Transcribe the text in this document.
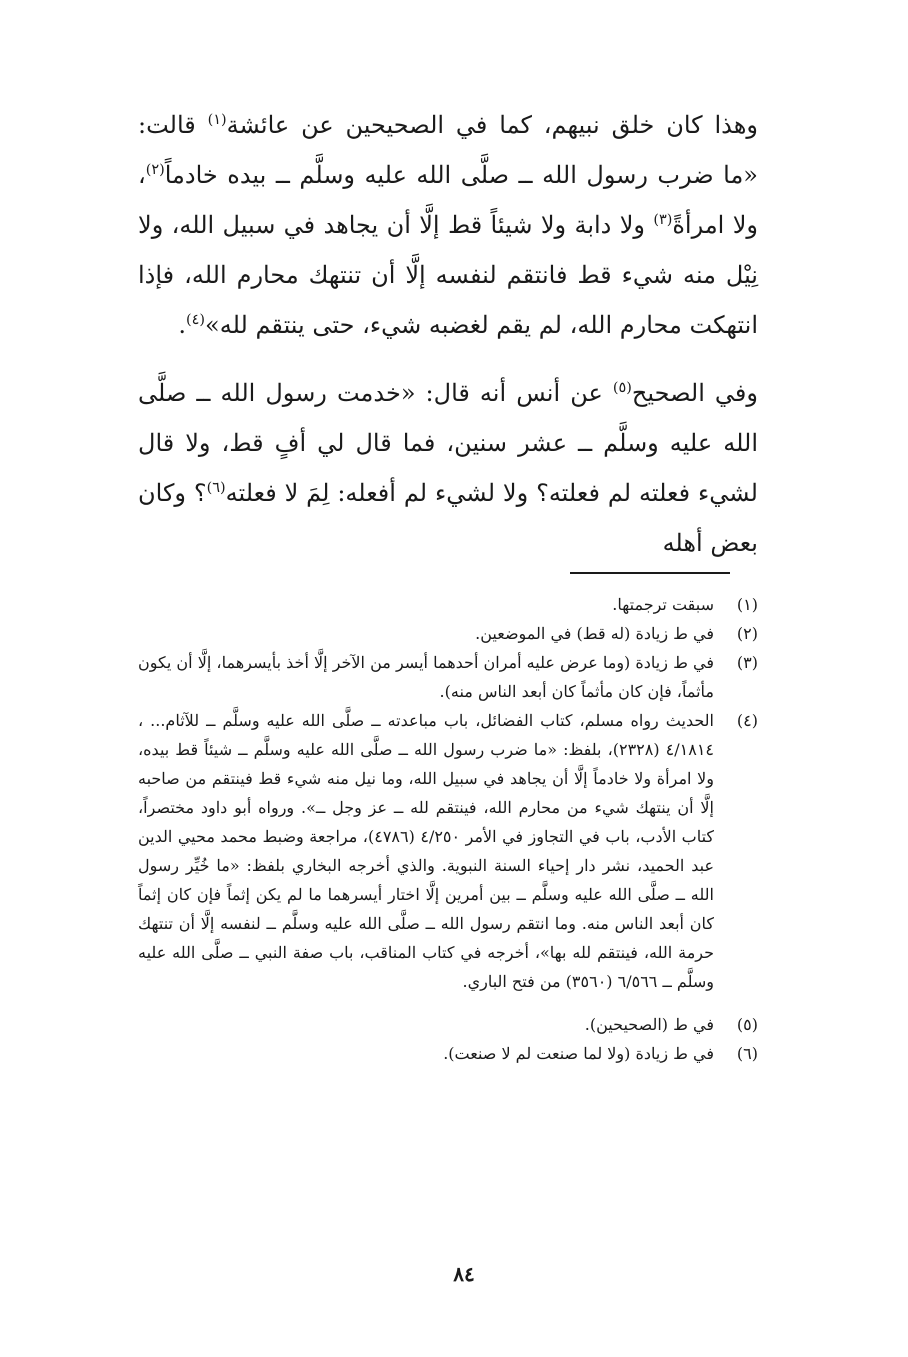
وهذا كان خلق نبيهم، كما في الصحيحين عن عائشة$^{(١)}$ قالت: «ما ضرب رسول الله ــ صلَّى الله عليه وسلَّم ــ بيده خادماً$^{(٢)}$، ولا امرأةً$^{(٣)}$ ولا دابة ولا شيئاً قط إلَّا أن يجاهد في سبيل الله، ولا نِيْل منه شيء قط فانتقم لنفسه إلَّا أن تنتهك محارم الله، فإذا انتهكت محارم الله، لم يقم لغضبه شيء، حتى ينتقم لله»$^{(٤)}$.
وفي الصحيح$^{(٥)}$ عن أنس أنه قال: «خدمت رسول الله ــ صلَّى الله عليه وسلَّم ــ عشر سنين، فما قال لي أفٍ قط، ولا قال لشيء فعلته لم فعلته؟ ولا لشيء لم أفعله: لِمَ لا فعلته$^{(٦)}$؟ وكان بعض أهله
(١)
سبقت ترجمتها.
(٢)
في ط زيادة (له قط) في الموضعين.
(٣)
في ط زيادة (وما عرض عليه أمران أحدهما أيسر من الآخر إلَّا أخذ بأيسرهما، إلَّا أن يكون مأثماً، فإن كان مأثماً كان أبعد الناس منه).
(٤)
الحديث رواه مسلم، كتاب الفضائل، باب مباعدته ــ صلَّى الله عليه وسلَّم ــ للآثام... ، ٤/١٨١٤ (٢٣٢٨)، بلفظ: «ما ضرب رسول الله ــ صلَّى الله عليه وسلَّم ــ شيئاً قط بيده، ولا امرأة ولا خادماً إلَّا أن يجاهد في سبيل الله، وما نيل منه شيء قط فينتقم من صاحبه إلَّا أن ينتهك شيء من محارم الله، فينتقم لله ــ عز وجل ــ». ورواه أبو داود مختصراً، كتاب الأدب، باب في التجاوز في الأمر ٤/٢٥٠ (٤٧٨٦)، مراجعة وضبط محمد محيي الدين عبد الحميد، نشر دار إحياء السنة النبوية. والذي أخرجه البخاري بلفظ: «ما خُيِّر رسول الله ــ صلَّى الله عليه وسلَّم ــ بين أمرين إلَّا اختار أيسرهما ما لم يكن إثماً فإن كان إثماً كان أبعد الناس منه. وما انتقم رسول الله ــ صلَّى الله عليه وسلَّم ــ لنفسه إلَّا أن تنتهك حرمة الله، فينتقم لله بها»، أخرجه في كتاب المناقب، باب صفة النبي ــ صلَّى الله عليه وسلَّم ــ ٦/٥٦٦ (٣٥٦٠) من فتح الباري.
(٥)
في ط (الصحيحين).
(٦)
في ط زيادة (ولا لما صنعت لم لا صنعت).
٨٤
